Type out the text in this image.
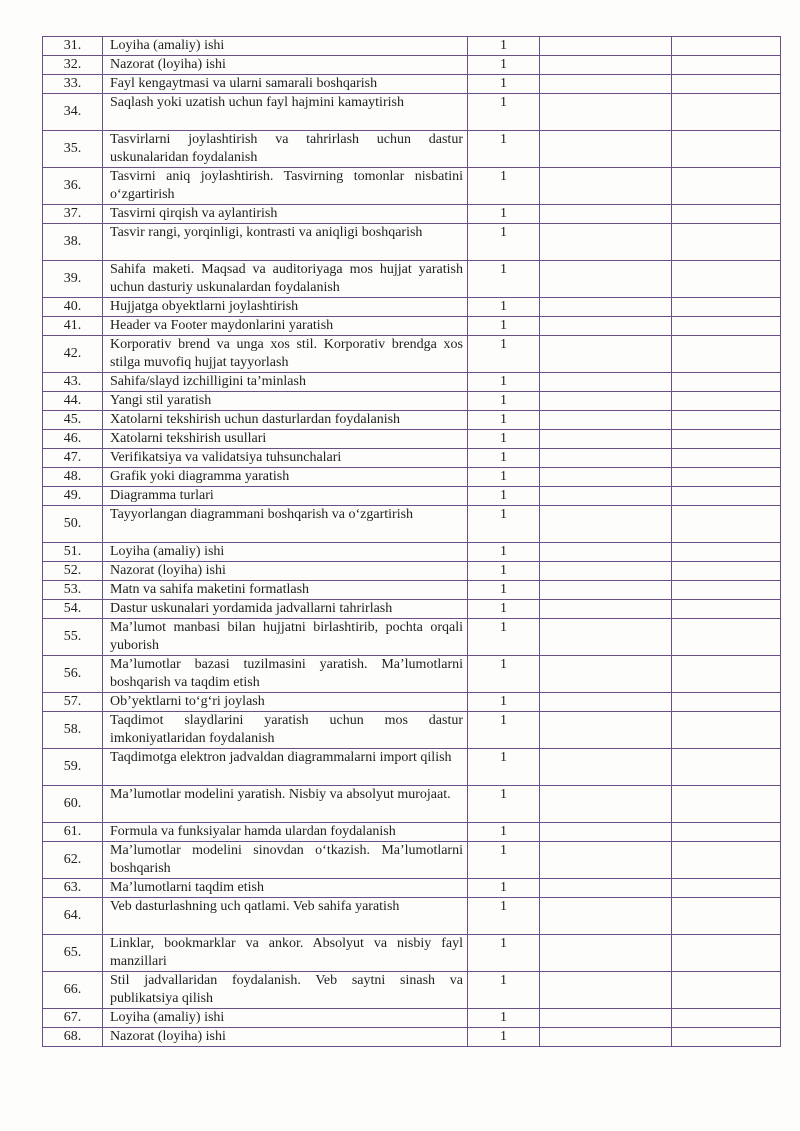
31.	Loyiha (amaliy) ishi	1		
32.	Nazorat (loyiha) ishi	1		
33.	Fayl kengaytmasi va ularni samarali boshqarish	1		
34.	Saqlash yoki uzatish uchun fayl hajmini kamaytirish	1		
35.	Tasvirlarni joylashtirish va tahrirlash uchun dastur uskunalaridan foydalanish	1		
36.	Tasvirni aniq joylashtirish. Tasvirning tomonlar nisbatini o‘zgartirish	1		
37.	Tasvirni qirqish va aylantirish	1		
38.	Tasvir rangi, yorqinligi, kontrasti va aniqligi boshqarish	1		
39.	Sahifa maketi. Maqsad va auditoriyaga mos hujjat yaratish uchun dasturiy uskunalardan foydalanish	1		
40.	Hujjatga obyektlarni joylashtirish	1		
41.	Header va Footer maydonlarini yaratish	1		
42.	Korporativ brend va unga xos stil. Korporativ brendga xos stilga muvofiq hujjat tayyorlash	1		
43.	Sahifa/slayd izchilligini ta’minlash	1		
44.	Yangi stil yaratish	1		
45.	Xatolarni tekshirish uchun dasturlardan foydalanish	1		
46.	Xatolarni tekshirish usullari	1		
47.	Verifikatsiya va validatsiya tuhsunchalari	1		
48.	Grafik yoki diagramma yaratish	1		
49.	Diagramma turlari	1		
50.	Tayyorlangan diagrammani boshqarish va o‘zgartirish	1		
51.	Loyiha (amaliy) ishi	1		
52.	Nazorat (loyiha) ishi	1		
53.	Matn va sahifa maketini formatlash	1		
54.	Dastur uskunalari yordamida jadvallarni tahrirlash	1		
55.	Ma’lumot manbasi bilan hujjatni birlashtirib, pochta orqali yuborish	1		
56.	Ma’lumotlar bazasi tuzilmasini yaratish. Ma’lumotlarni boshqarish va taqdim etish	1		
57.	Ob’yektlarni to‘g‘ri joylash	1		
58.	Taqdimot slaydlarini yaratish uchun mos dastur imkoniyatlaridan foydalanish	1		
59.	Taqdimotga elektron jadvaldan diagrammalarni import qilish	1		
60.	Ma’lumotlar modelini yaratish. Nisbiy va absolyut murojaat.	1		
61.	Formula va funksiyalar hamda ulardan foydalanish	1		
62.	Ma’lumotlar modelini sinovdan o‘tkazish. Ma’lumotlarni boshqarish	1		
63.	Ma’lumotlarni taqdim etish	1		
64.	Veb dasturlashning uch qatlami. Veb sahifa yaratish	1		
65.	Linklar, bookmarklar va ankor. Absolyut va nisbiy fayl manzillari	1		
66.	Stil jadvallaridan foydalanish. Veb saytni sinash va publikatsiya qilish	1		
67.	Loyiha (amaliy) ishi	1		
68.	Nazorat (loyiha) ishi	1		
